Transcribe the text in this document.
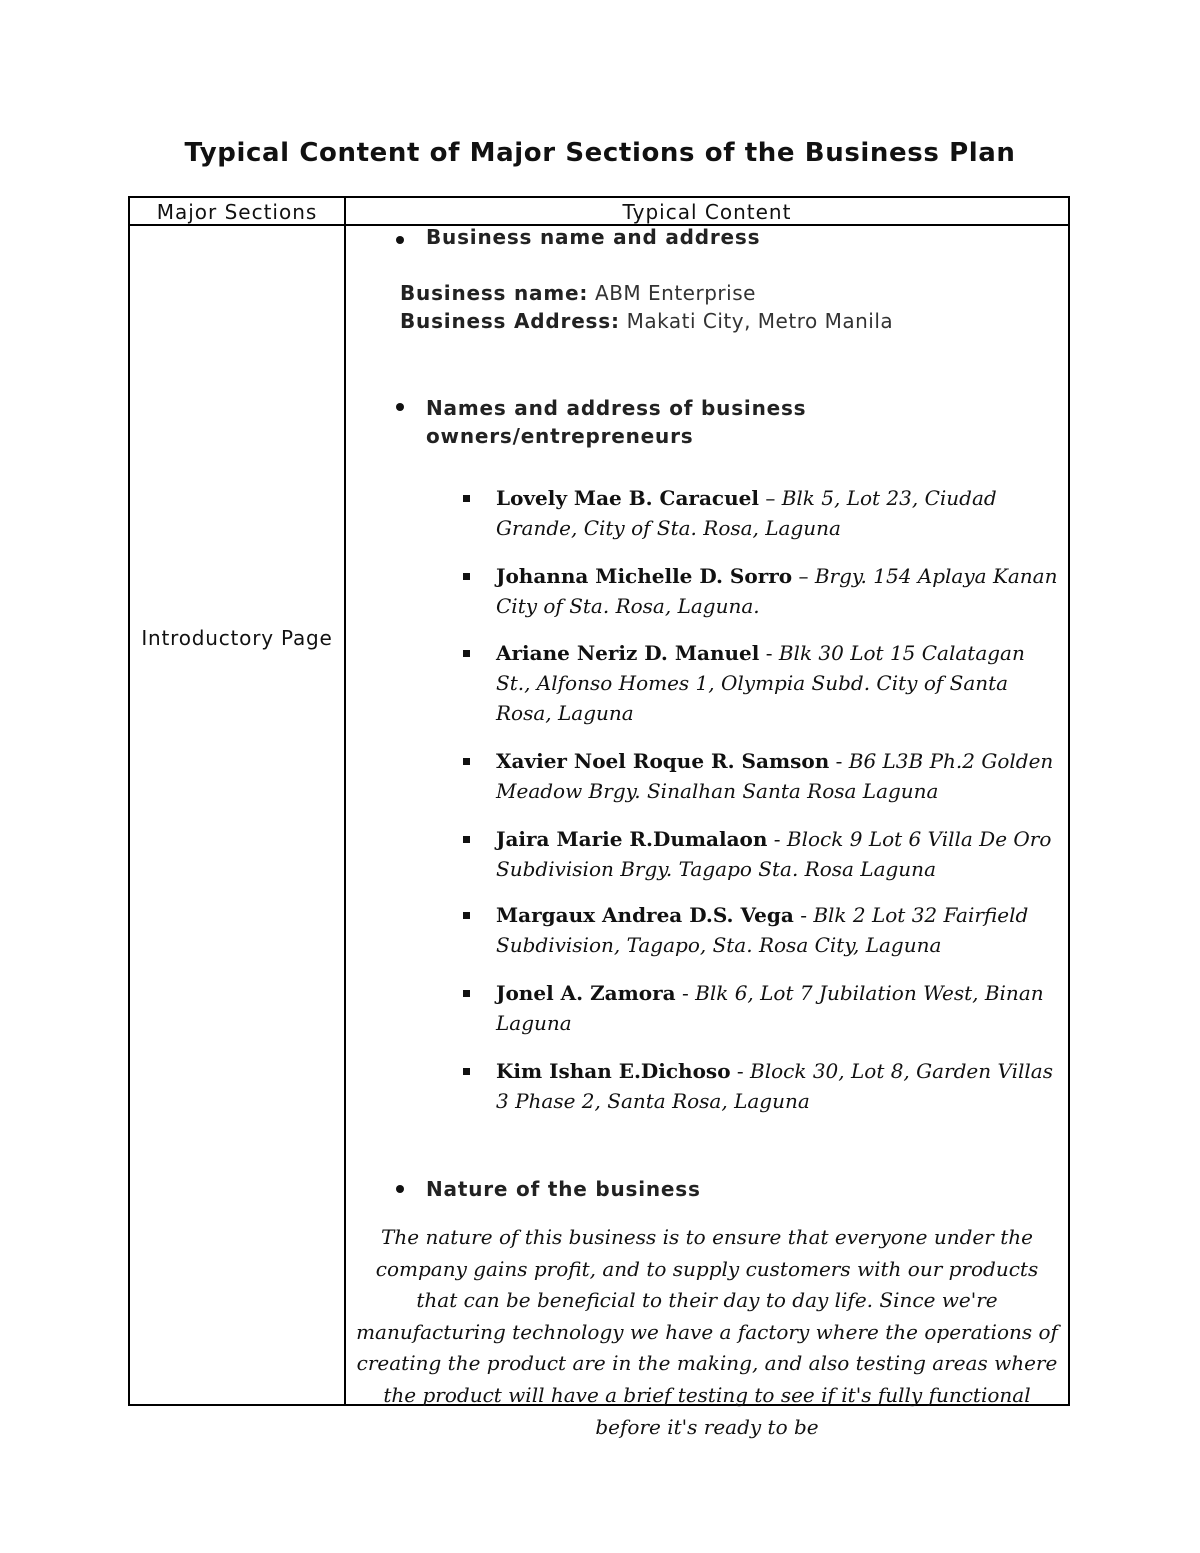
Typical Content of Major Sections of the Business Plan
Major Sections	Typical Content
Introductory Page
Business name and address
Business name: ABM Enterprise
Business Address: Makati City, Metro Manila
Names and address of business owners/entrepreneurs
Lovely Mae B. Caracuel – Blk 5, Lot 23, Ciudad Grande, City of Sta. Rosa, Laguna
Johanna Michelle D. Sorro – Brgy. 154 Aplaya Kanan City of Sta. Rosa, Laguna.
Ariane Neriz D. Manuel - Blk 30 Lot 15 Calatagan St., Alfonso Homes 1, Olympia Subd. City of Santa Rosa, Laguna
Xavier Noel Roque R. Samson - B6 L3B Ph.2 Golden Meadow Brgy. Sinalhan Santa Rosa Laguna
Jaira Marie R.Dumalaon - Block 9 Lot 6 Villa De Oro Subdivision Brgy. Tagapo Sta. Rosa Laguna
Margaux Andrea D.S. Vega - Blk 2 Lot 32 Fairfield Subdivision, Tagapo, Sta. Rosa City, Laguna
Jonel A. Zamora - Blk 6, Lot 7 Jubilation West, Binan Laguna
Kim Ishan E.Dichoso - Block 30, Lot 8, Garden Villas 3 Phase 2, Santa Rosa, Laguna
Nature of the business
The nature of this business is to ensure that everyone under the company gains profit, and to supply customers with our products that can be beneficial to their day to day life. Since we're manufacturing technology we have a factory where the operations of creating the product are in the making, and also testing areas where the product will have a brief testing to see if it's fully functional before it's ready to be
